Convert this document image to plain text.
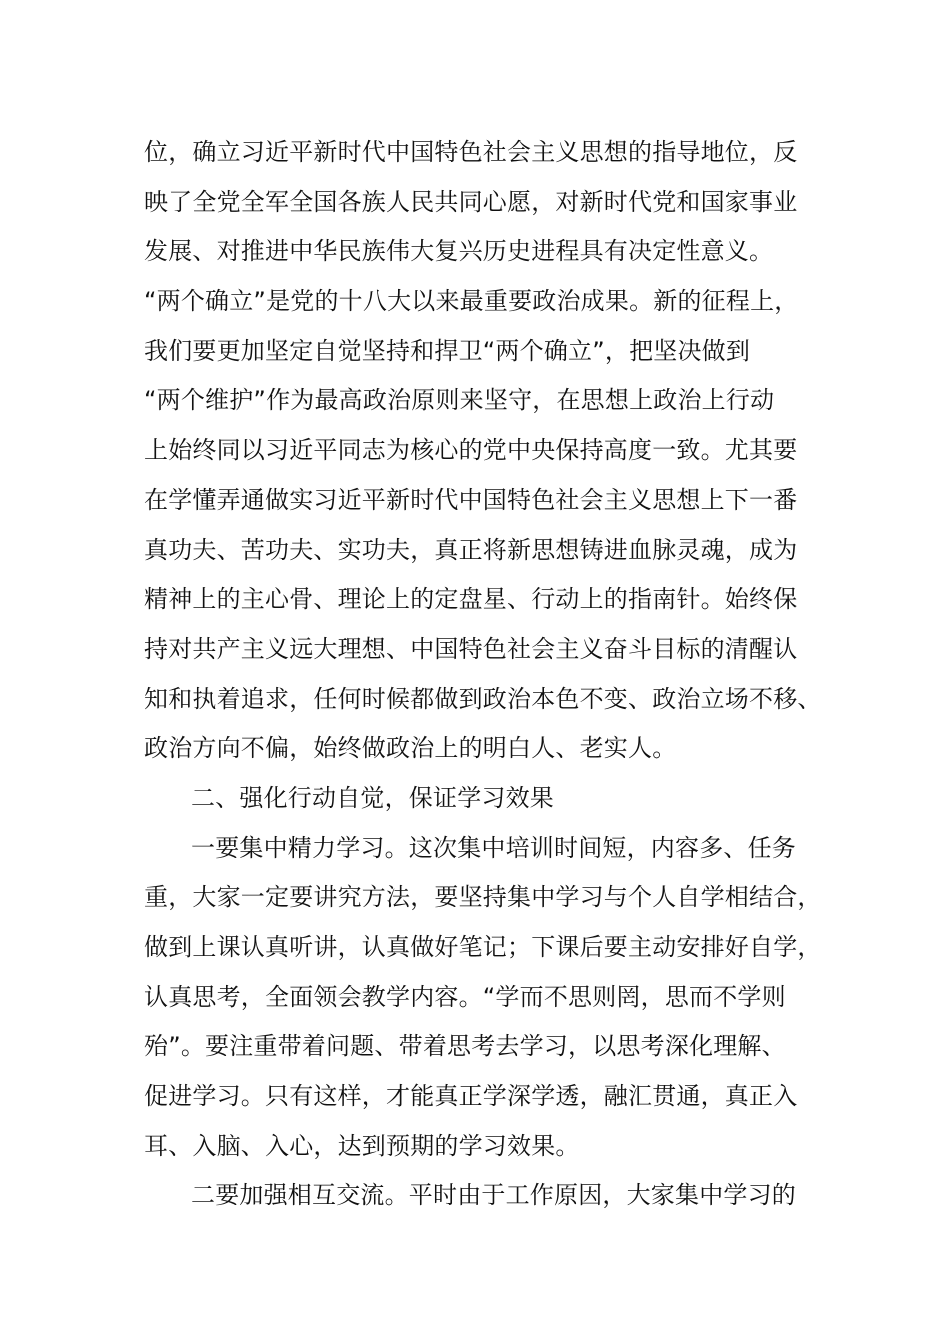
位，确立习近平新时代中国特色社会主义思想的指导地位，反
映了全党全军全国各族人民共同心愿，对新时代党和国家事业
发展、对推进中华民族伟大复兴历史进程具有决定性意义。
“两个确立”是党的十八大以来最重要政治成果。新的征程上，
我们要更加坚定自觉坚持和捍卫“两个确立”，把坚决做到
“两个维护”作为最高政治原则来坚守，在思想上政治上行动
上始终同以习近平同志为核心的党中央保持高度一致。尤其要
在学懂弄通做实习近平新时代中国特色社会主义思想上下一番
真功夫、苦功夫、实功夫，真正将新思想铸进血脉灵魂，成为
精神上的主心骨、理论上的定盘星、行动上的指南针。始终保
持对共产主义远大理想、中国特色社会主义奋斗目标的清醒认
知和执着追求，任何时候都做到政治本色不变、政治立场不移、
政治方向不偏，始终做政治上的明白人、老实人。
二、强化行动自觉，保证学习效果
一要集中精力学习。这次集中培训时间短，内容多、任务
重，大家一定要讲究方法，要坚持集中学习与个人自学相结合，
做到上课认真听讲，认真做好笔记；下课后要主动安排好自学，
认真思考，全面领会教学内容。“学而不思则罔，思而不学则
殆”。要注重带着问题、带着思考去学习，以思考深化理解、
促进学习。只有这样，才能真正学深学透，融汇贯通，真正入
耳、入脑、入心，达到预期的学习效果。
二要加强相互交流。平时由于工作原因，大家集中学习的
